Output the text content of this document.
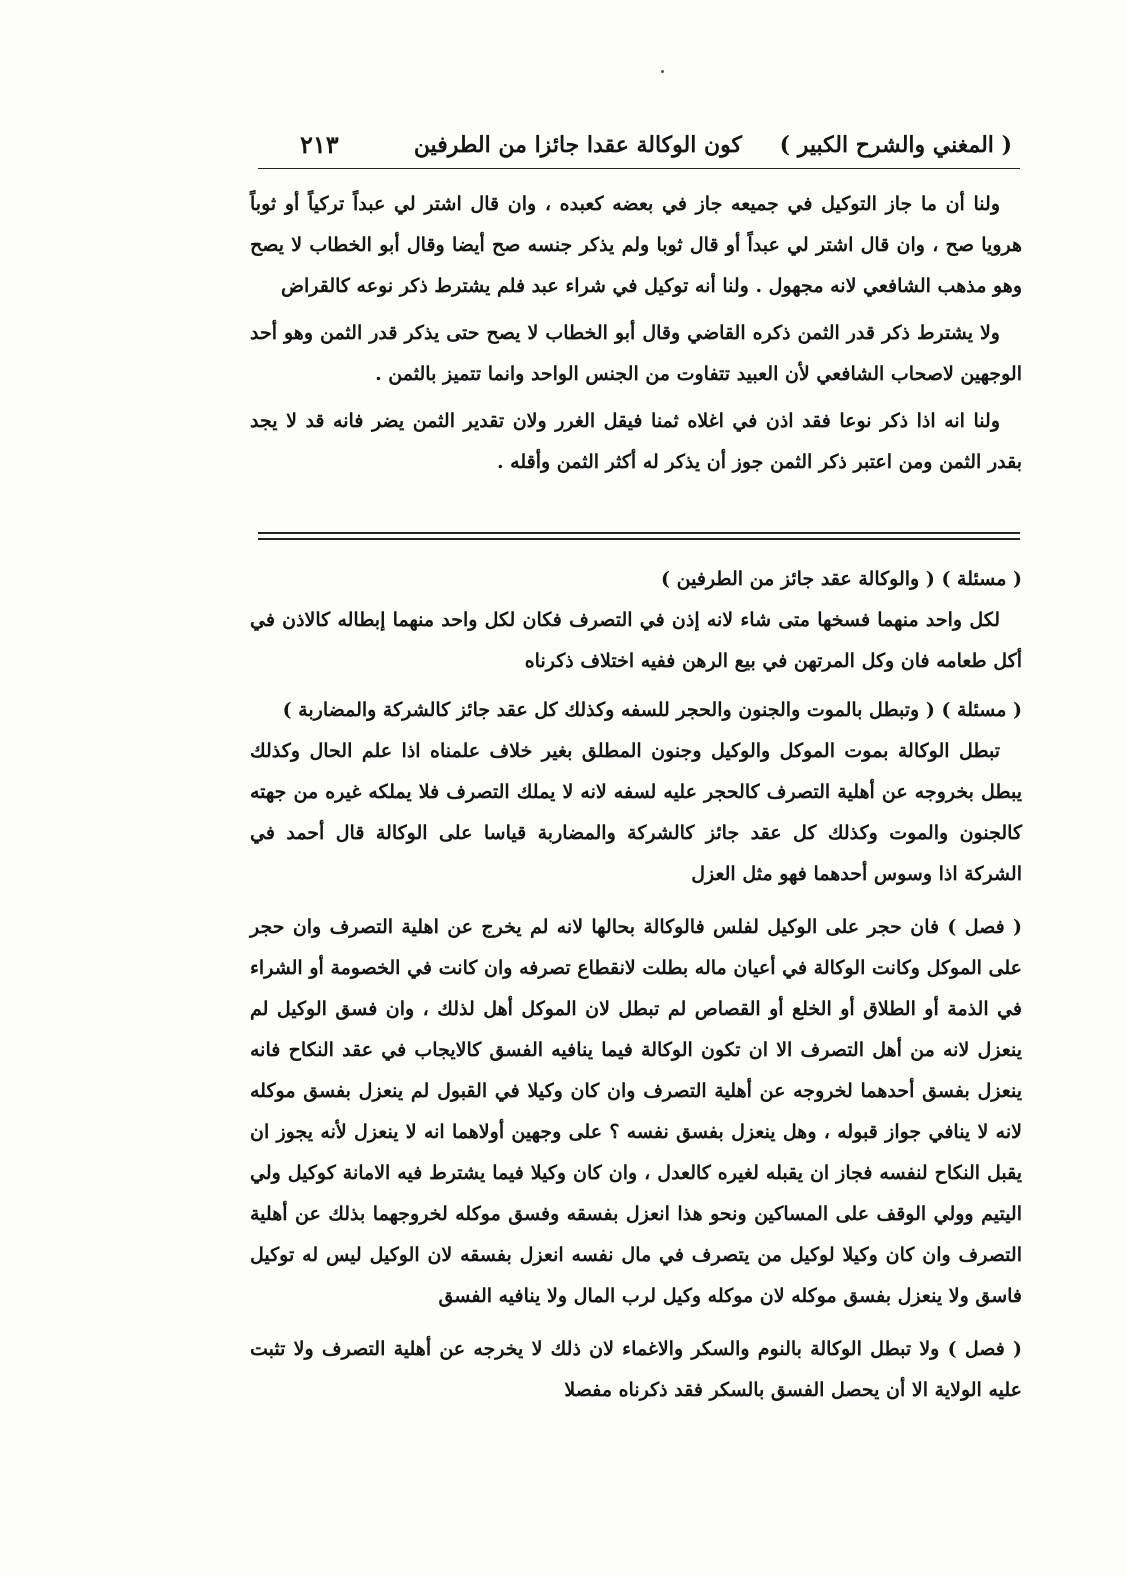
( المغني والشرح الكبير )
كون الوكالة عقدا جائزا من الطرفين
٢١٣

ولنا أن ما جاز التوكيل في جميعه جاز في بعضه كعبده ، وان قال اشتر لي عبداً تركياً أو ثوباً هرويا صح ، وان قال اشتر لي عبداً أو قال ثوبا ولم يذكر جنسه صح أيضا وقال أبو الخطاب لا يصح وهو مذهب الشافعي لانه مجهول . ولنا أنه توكيل في شراء عبد فلم يشترط ذكر نوعه كالقراض

ولا يشترط ذكر قدر الثمن ذكره القاضي وقال أبو الخطاب لا يصح حتى يذكر قدر الثمن وهو أحد الوجهين لاصحاب الشافعي لأن العبيد تتفاوت من الجنس الواحد وانما تتميز بالثمن .

ولنا انه اذا ذكر نوعا فقد اذن في اغلاه ثمنا فيقل الغرر ولان تقدير الثمن يضر فانه قد لا يجد بقدر الثمن ومن اعتبر ذكر الثمن جوز أن يذكر له أكثر الثمن وأقله .

( مسئلة ) ( والوكالة عقد جائز من الطرفين )

لكل واحد منهما فسخها متى شاء لانه إذن في التصرف فكان لكل واحد منهما إبطاله كالاذن في أكل طعامه فان وكل المرتهن في بيع الرهن ففيه اختلاف ذكرناه

( مسئلة ) ( وتبطل بالموت والجنون والحجر للسفه وكذلك كل عقد جائز كالشركة والمضاربة )

تبطل الوكالة بموت الموكل والوكيل وجنون المطلق بغير خلاف علمناه اذا علم الحال وكذلك يبطل بخروجه عن أهلية التصرف كالحجر عليه لسفه لانه لا يملك التصرف فلا يملكه غيره من جهته كالجنون والموت وكذلك كل عقد جائز كالشركة والمضاربة قياسا على الوكالة قال أحمد في الشركة اذا وسوس أحدهما فهو مثل العزل

( فصل ) فان حجر على الوكيل لفلس فالوكالة بحالها لانه لم يخرج عن اهلية التصرف وان حجر على الموكل وكانت الوكالة في أعيان ماله بطلت لانقطاع تصرفه وان كانت في الخصومة أو الشراء في الذمة أو الطلاق أو الخلع أو القصاص لم تبطل لان الموكل أهل لذلك ، وان فسق الوكيل لم ينعزل لانه من أهل التصرف الا ان تكون الوكالة فيما ينافيه الفسق كالايجاب في عقد النكاح فانه ينعزل بفسق أحدهما لخروجه عن أهلية التصرف وان كان وكيلا في القبول لم ينعزل بفسق موكله لانه لا ينافي جواز قبوله ، وهل ينعزل بفسق نفسه ؟ على وجهين أولاهما انه لا ينعزل لأنه يجوز ان يقبل النكاح لنفسه فجاز ان يقبله لغيره كالعدل ، وان كان وكيلا فيما يشترط فيه الامانة كوكيل ولي اليتيم وولي الوقف على المساكين ونحو هذا انعزل بفسقه وفسق موكله لخروجهما بذلك عن أهلية التصرف وان كان وكيلا لوكيل من يتصرف في مال نفسه انعزل بفسقه لان الوكيل ليس له توكيل فاسق ولا ينعزل بفسق موكله لان موكله وكيل لرب المال ولا ينافيه الفسق

( فصل ) ولا تبطل الوكالة بالنوم والسكر والاغماء لان ذلك لا يخرجه عن أهلية التصرف ولا تثبت عليه الولاية الا أن يحصل الفسق بالسكر فقد ذكرناه مفصلا
